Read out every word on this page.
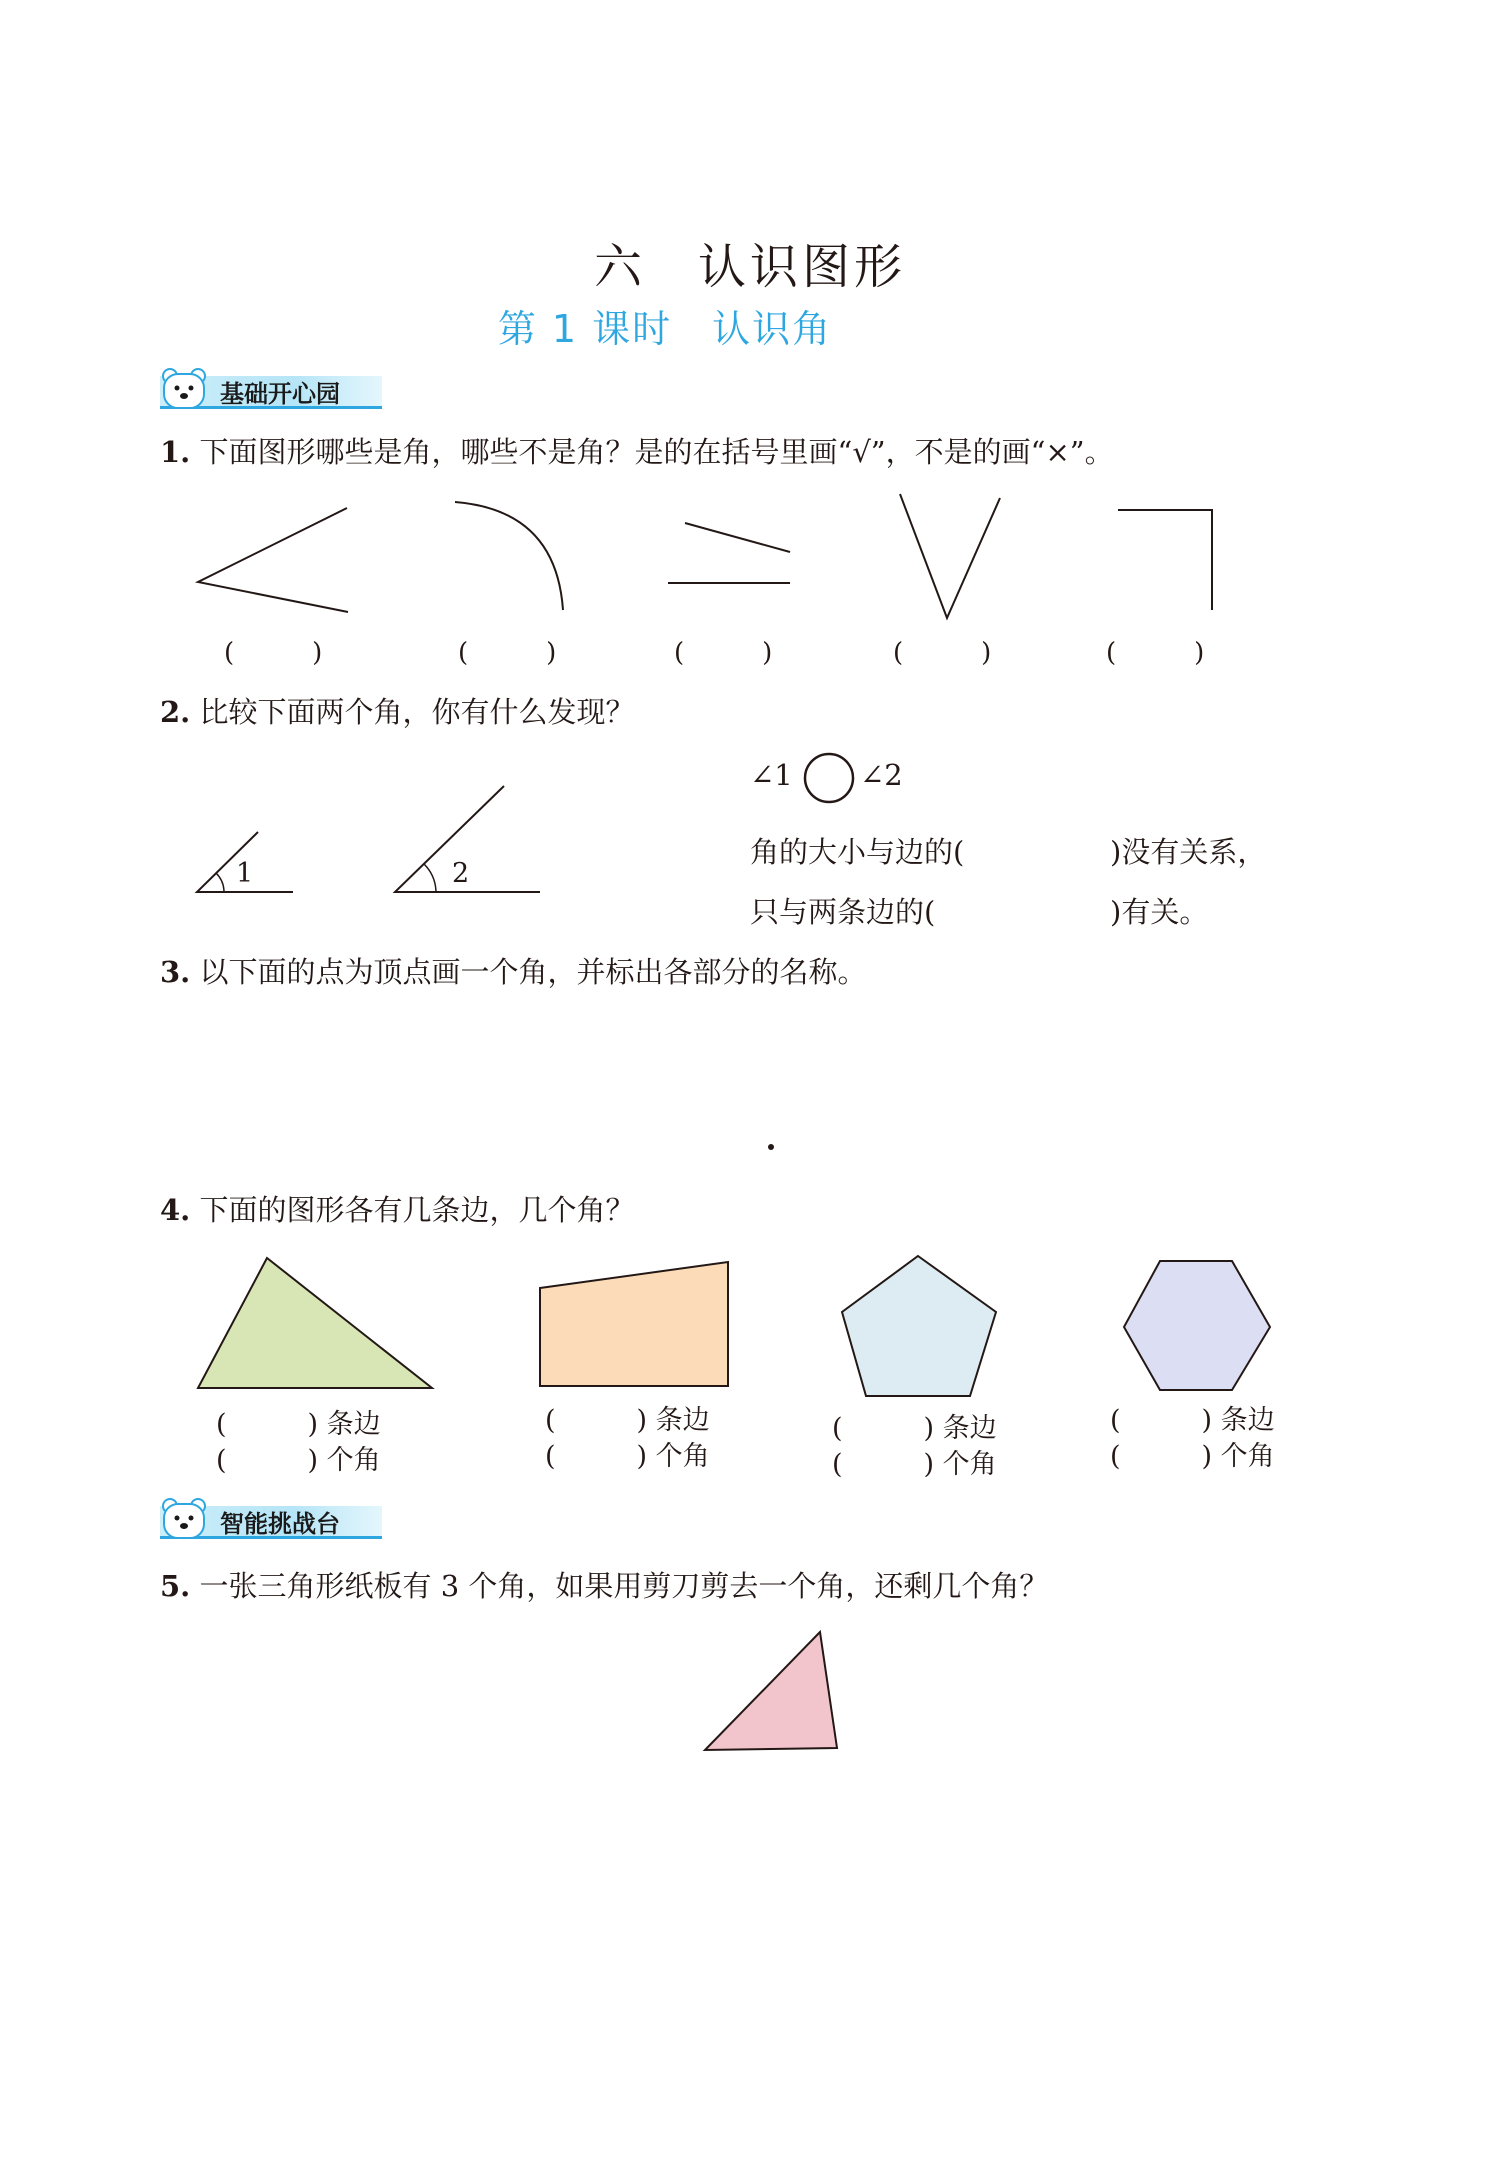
六　认识图形
第 1 课时　认识角
基础开心园
1. 下面图形哪些是角，哪些不是角？是的在括号里画“√”，不是的画“×”。
(　　　)	(　　　)	(　　　)	(　　　)	(　　　)
2. 比较下面两个角，你有什么发现？
1	2
∠1 ∠2
角的大小与边的(	)没有关系，
只与两条边的(	)有关。
3. 以下面的点为顶点画一个角，并标出各部分的名称。
4. 下面的图形各有几条边，几个角？
(　　　) 条边
(　　　) 个角
(　　　) 条边
(　　　) 个角
(　　　) 条边
(　　　) 个角
(　　　) 条边
(　　　) 个角
智能挑战台
5. 一张三角形纸板有 3 个角，如果用剪刀剪去一个角，还剩几个角？
